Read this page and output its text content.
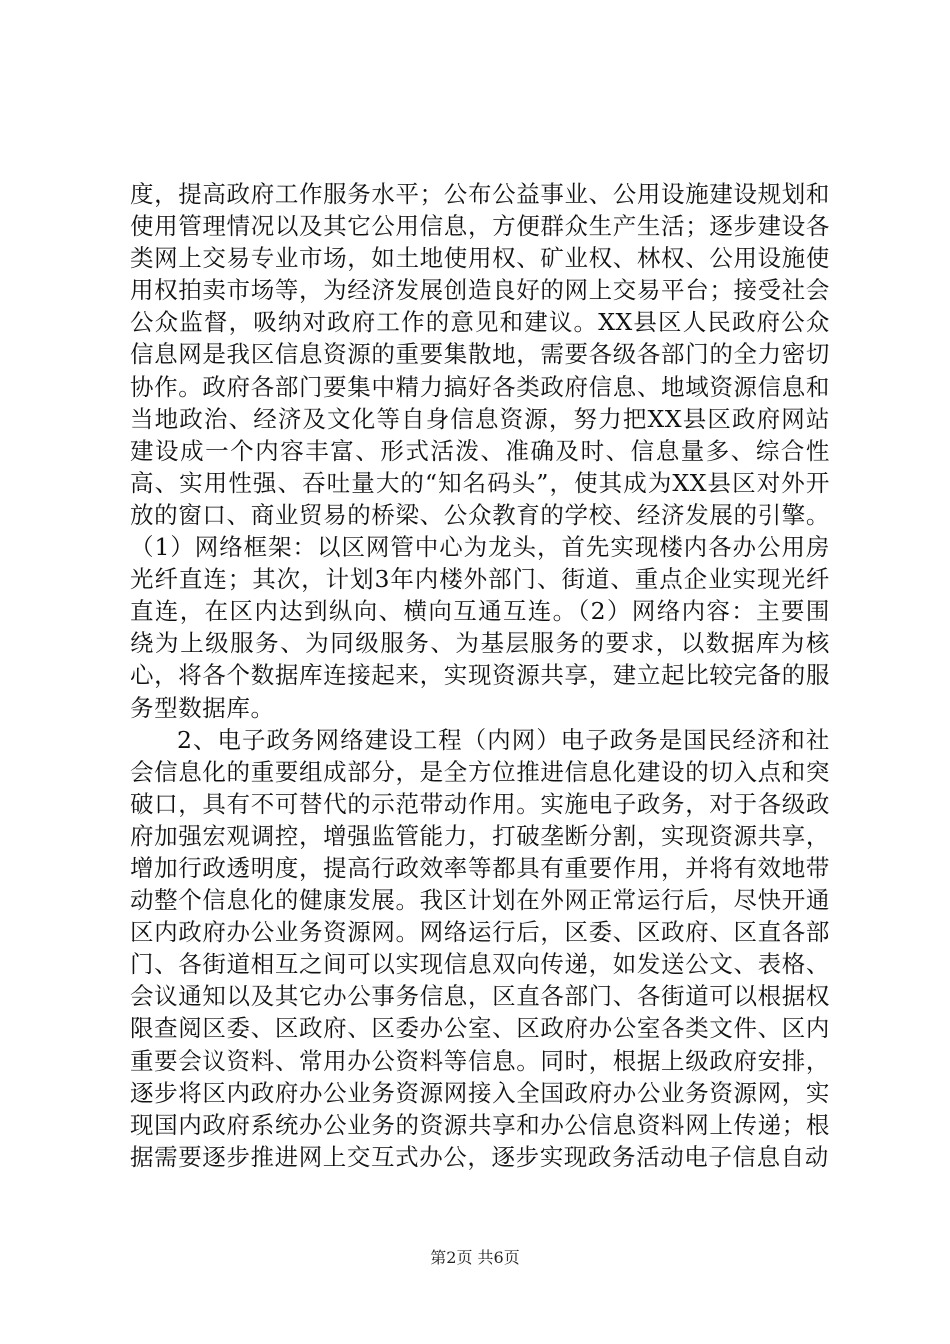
度，提高政府工作服务水平；公布公益事业、公用设施建设规划和使用管理情况以及其它公用信息，方便群众生产生活；逐步建设各类网上交易专业市场，如土地使用权、矿业权、林权、公用设施使用权拍卖市场等，为经济发展创造良好的网上交易平台；接受社会公众监督，吸纳对政府工作的意见和建议。XX县区人民政府公众信息网是我区信息资源的重要集散地，需要各级各部门的全力密切协作。政府各部门要集中精力搞好各类政府信息、地域资源信息和当地政治、经济及文化等自身信息资源，努力把XX县区政府网站建设成一个内容丰富、形式活泼、准确及时、信息量多、综合性高、实用性强、吞吐量大的“知名码头”，使其成为XX县区对外开放的窗口、商业贸易的桥梁、公众教育的学校、经济发展的引擎。（1）网络框架：以区网管中心为龙头，首先实现楼内各办公用房光纤直连；其次，计划3年内楼外部门、街道、重点企业实现光纤直连，在区内达到纵向、横向互通互连。（2）网络内容：主要围绕为上级服务、为同级服务、为基层服务的要求，以数据库为核心，将各个数据库连接起来，实现资源共享，建立起比较完备的服务型数据库。

2、电子政务网络建设工程（内网）电子政务是国民经济和社会信息化的重要组成部分，是全方位推进信息化建设的切入点和突破口，具有不可替代的示范带动作用。实施电子政务，对于各级政府加强宏观调控，增强监管能力，打破垄断分割，实现资源共享，增加行政透明度，提高行政效率等都具有重要作用，并将有效地带动整个信息化的健康发展。我区计划在外网正常运行后，尽快开通区内政府办公业务资源网。网络运行后，区委、区政府、区直各部门、各街道相互之间可以实现信息双向传递，如发送公文、表格、会议通知以及其它办公事务信息，区直各部门、各街道可以根据权限查阅区委、区政府、区委办公室、区政府办公室各类文件、区内重要会议资料、常用办公资料等信息。同时，根据上级政府安排，逐步将区内政府办公业务资源网接入全国政府办公业务资源网，实现国内政府系统办公业务的资源共享和办公信息资料网上传递；根据需要逐步推进网上交互式办公，逐步实现政务活动电子信息自动

第2页 共6页
